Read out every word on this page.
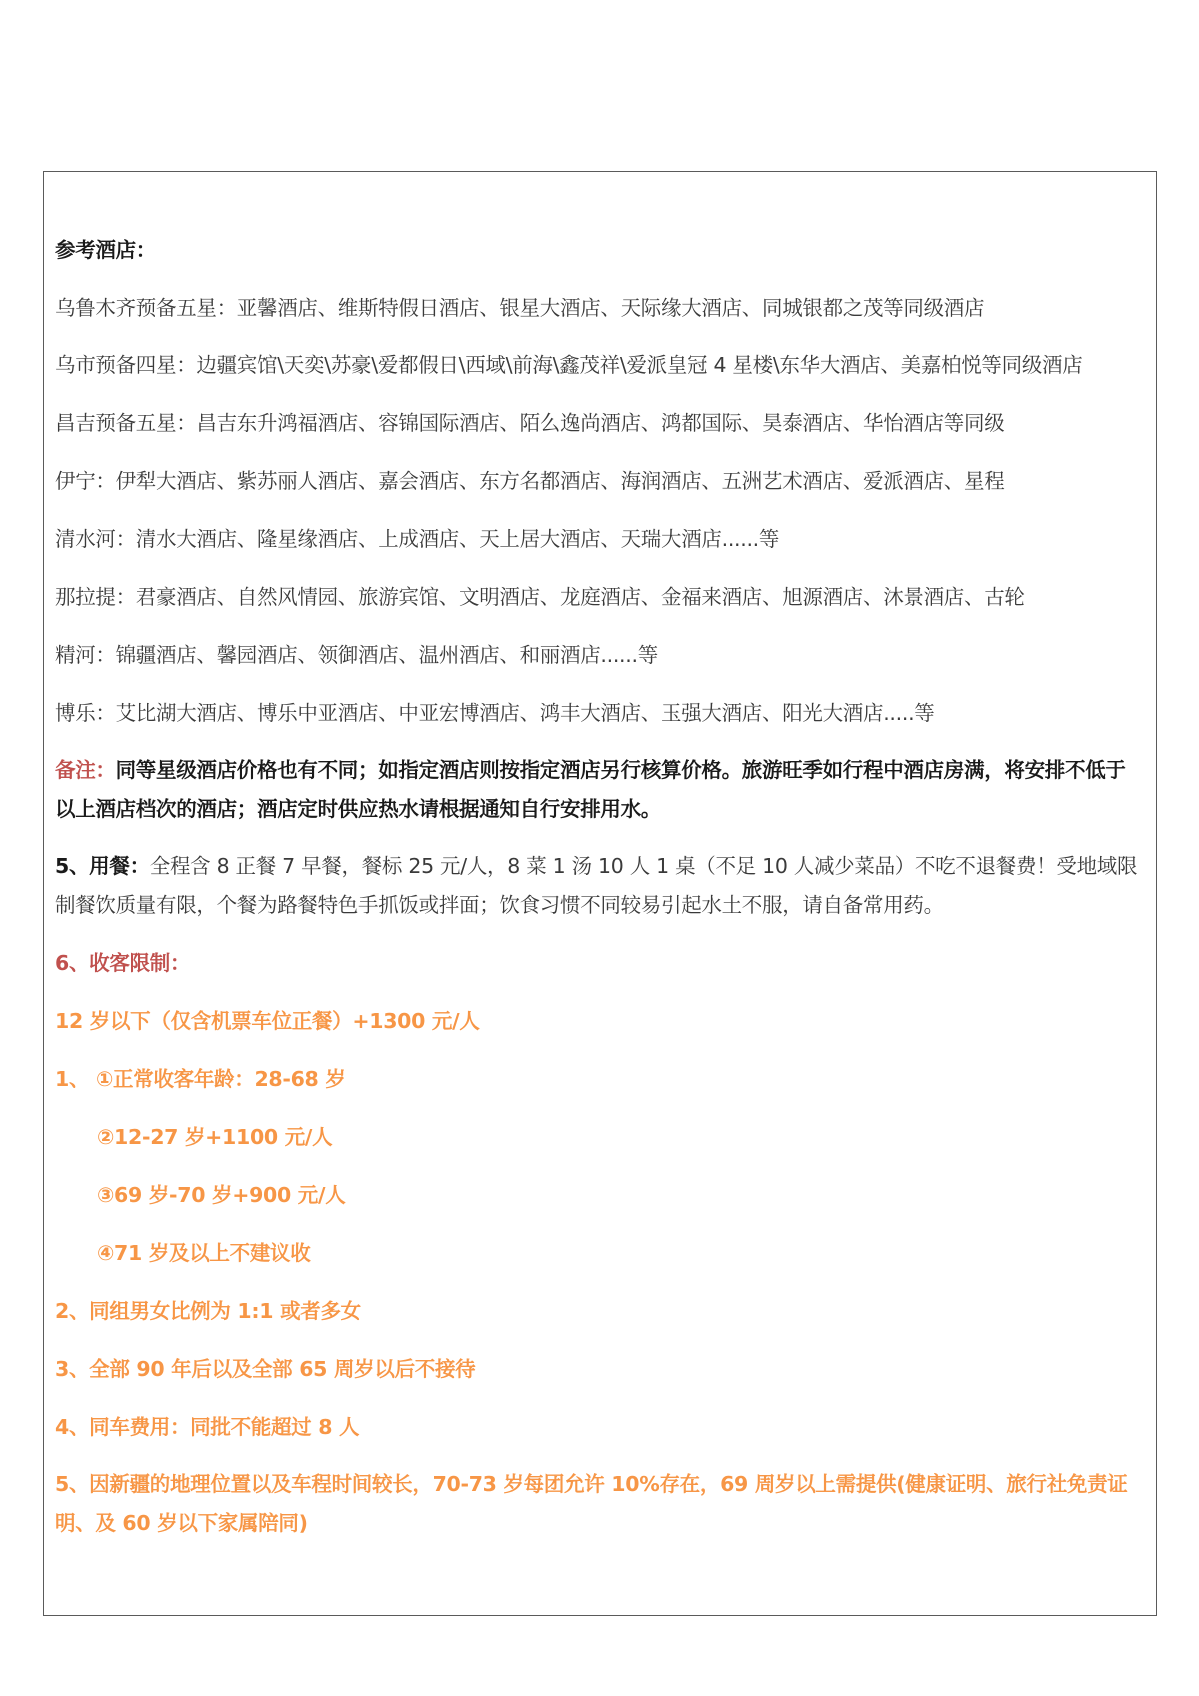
参考酒店：
乌鲁木齐预备五星：亚馨酒店、维斯特假日酒店、银星大酒店、天际缘大酒店、同城银都之茂等同级酒店
乌市预备四星：边疆宾馆\天奕\苏豪\爱都假日\西域\前海\鑫茂祥\爱派皇冠 4 星楼\东华大酒店、美嘉柏悦等同级酒店
昌吉预备五星：昌吉东升鸿福酒店、容锦国际酒店、陌么逸尚酒店、鸿都国际、昊泰酒店、华怡酒店等同级
伊宁：伊犁大酒店、紫苏丽人酒店、嘉会酒店、东方名都酒店、海润酒店、五洲艺术酒店、爱派酒店、星程
清水河：清水大酒店、隆星缘酒店、上成酒店、天上居大酒店、天瑞大酒店......等
那拉提：君豪酒店、自然风情园、旅游宾馆、文明酒店、龙庭酒店、金福来酒店、旭源酒店、沐景酒店、古轮
精河：锦疆酒店、馨园酒店、领御酒店、温州酒店、和丽酒店......等
博乐：艾比湖大酒店、博乐中亚酒店、中亚宏博酒店、鸿丰大酒店、玉强大酒店、阳光大酒店.....等
备注：同等星级酒店价格也有不同；如指定酒店则按指定酒店另行核算价格。旅游旺季如行程中酒店房满，将安排不低于以上酒店档次的酒店；酒店定时供应热水请根据通知自行安排用水。
5、用餐：全程含 8 正餐 7 早餐，餐标 25 元/人，8 菜 1 汤 10 人 1 桌（不足 10 人减少菜品）不吃不退餐费！受地域限制餐饮质量有限，个餐为路餐特色手抓饭或拌面；饮食习惯不同较易引起水土不服，请自备常用药。
6、收客限制：
12 岁以下（仅含机票车位正餐）+1300 元/人
1、 ①正常收客年龄：28-68 岁
②12-27 岁+1100 元/人
③69 岁-70 岁+900 元/人
④71 岁及以上不建议收
2、同组男女比例为 1:1 或者多女
3、全部 90 年后以及全部 65 周岁以后不接待
4、同车费用：同批不能超过 8 人
5、因新疆的地理位置以及车程时间较长，70-73 岁每团允许 10%存在，69 周岁以上需提供(健康证明、旅行社免责证明、及 60 岁以下家属陪同)
